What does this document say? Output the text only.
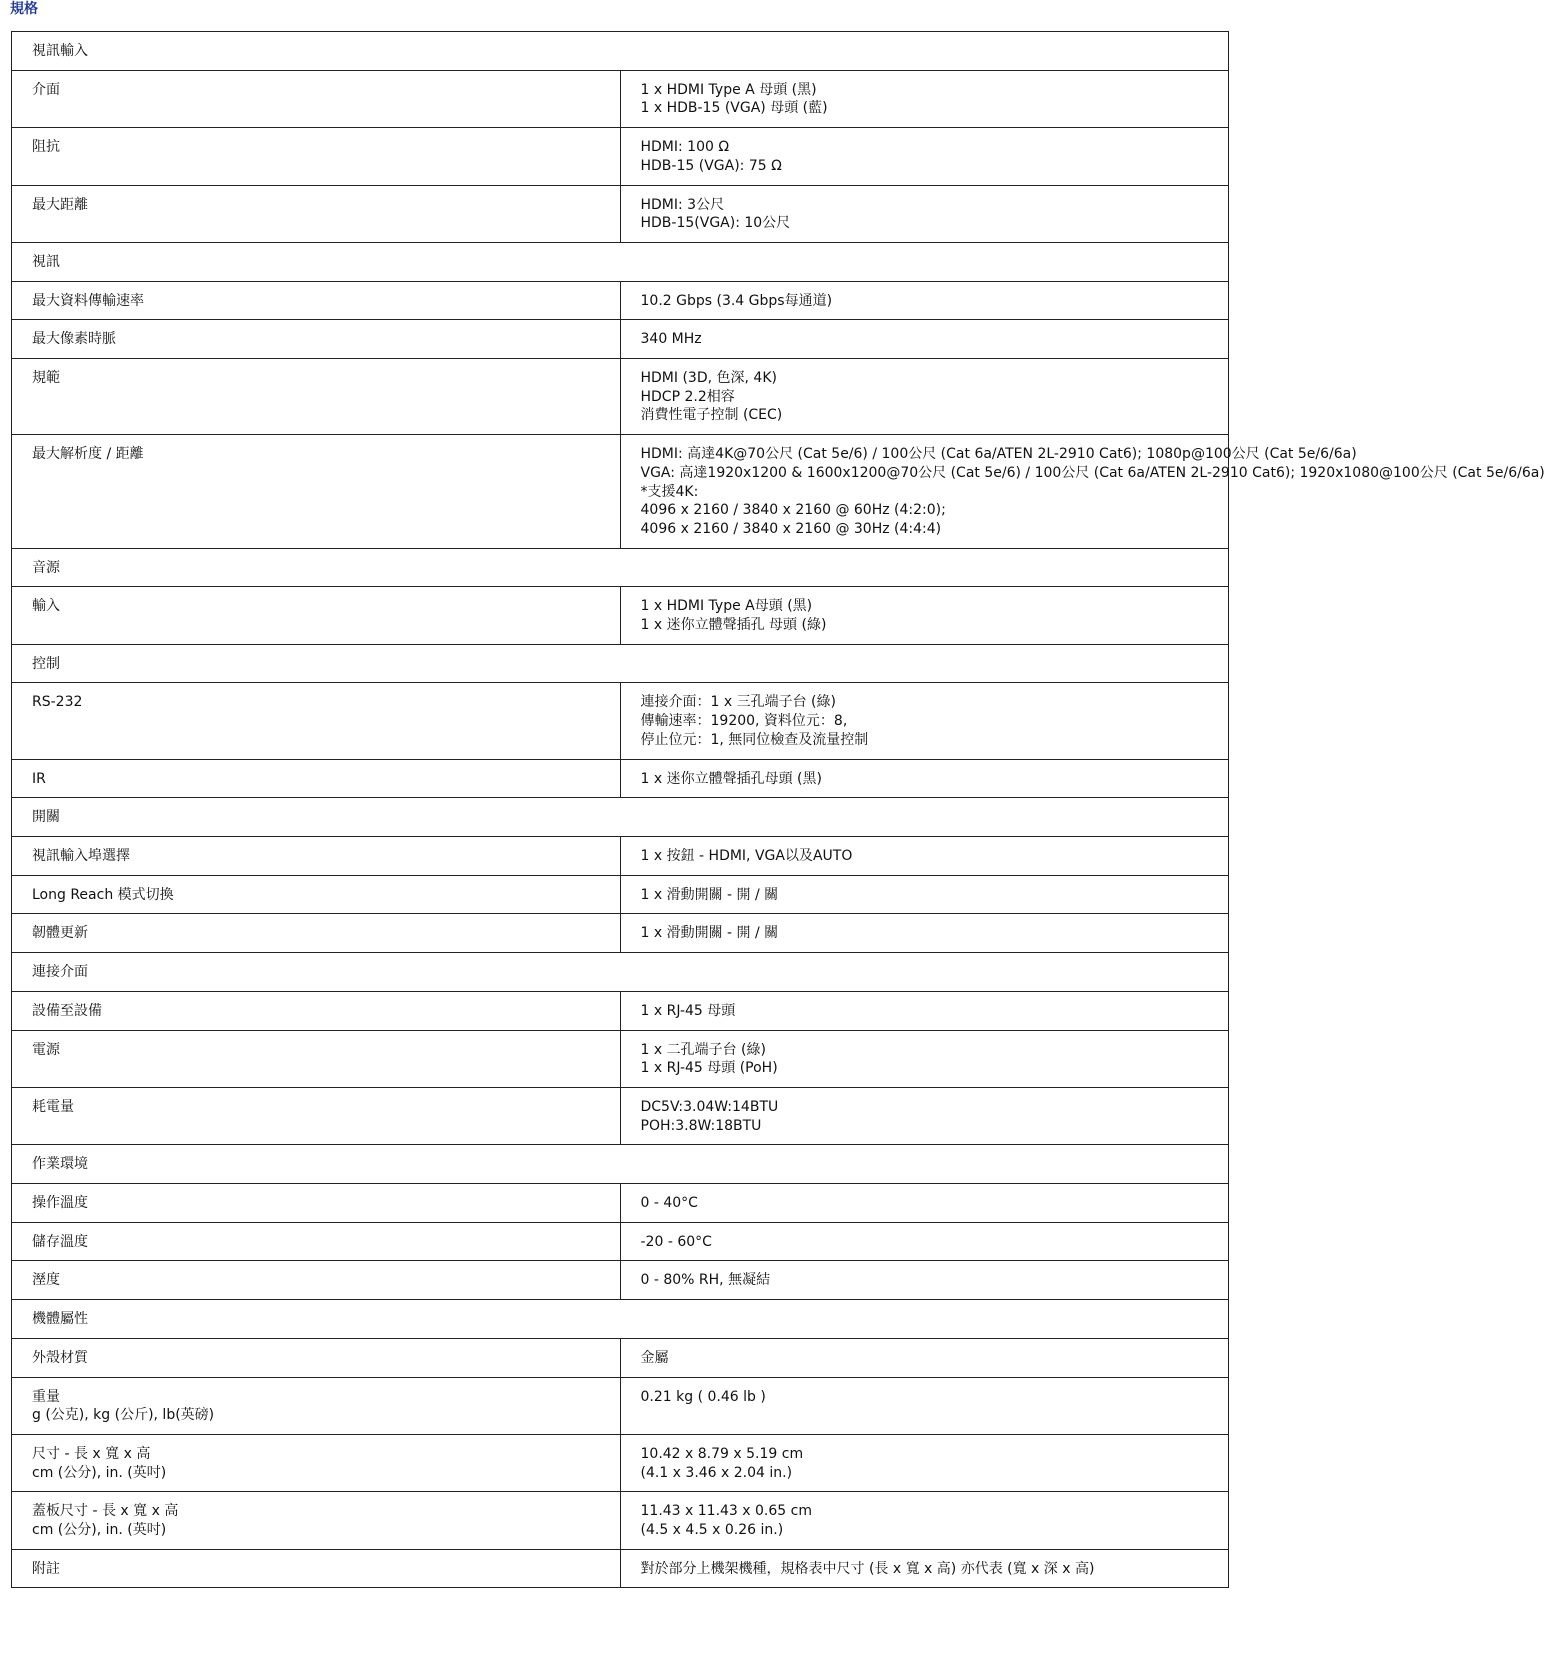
規格
視訊輸入	

介面	1 x HDMI Type A 母頭 (黑)
1 x HDB-15 (VGA) 母頭 (藍)

阻抗	HDMI: 100 Ω
HDB-15 (VGA): 75 Ω

最大距離	HDMI: 3公尺
HDB-15(VGA): 10公尺

視訊	

最大資料傳輸速率	10.2 Gbps (3.4 Gbps每通道)

最大像素時脈	340 MHz

規範	HDMI (3D, 色深, 4K)
HDCP 2.2相容
消費性電子控制 (CEC)

最大解析度 / 距離	HDMI: 高達4K@70公尺 (Cat 5e/6) / 100公尺 (Cat 6a/ATEN 2L-2910 Cat6); 1080p@100公尺 (Cat 5e/6/6a)
VGA: 高達1920x1200 & 1600x1200@70公尺 (Cat 5e/6) / 100公尺 (Cat 6a/ATEN 2L-2910 Cat6); 1920x1080@100公尺 (Cat 5e/6/6a)
*支援4K:
4096 x 2160 / 3840 x 2160 @ 60Hz (4:2:0);
4096 x 2160 / 3840 x 2160 @ 30Hz (4:4:4)

音源	

輸入	1 x HDMI Type A母頭 (黑)
1 x 迷你立體聲插孔 母頭 (綠)

控制	

RS-232	連接介面：1 x 三孔端子台 (綠)
傳輸速率：19200, 資料位元：8,
停止位元：1, 無同位檢查及流量控制

IR	1 x 迷你立體聲插孔母頭 (黑)

開關	

視訊輸入埠選擇	1 x 按鈕 - HDMI, VGA以及AUTO

Long Reach 模式切換	1 x 滑動開關 - 開 / 關

韌體更新	1 x 滑動開關 - 開 / 關

連接介面	

設備至設備	1 x RJ-45 母頭

電源	1 x 二孔端子台 (綠)
1 x RJ-45 母頭 (PoH)

耗電量	DC5V:3.04W:14BTU
POH:3.8W:18BTU

作業環境	

操作溫度	0 - 40°C

儲存溫度	-20 - 60°C

溼度	0 - 80% RH, 無凝結

機體屬性	

外殼材質	金屬

重量
g (公克), kg (公斤), lb(英磅)	0.21 kg ( 0.46 lb )

尺寸 - 長 x 寬 x 高
cm (公分), in. (英吋)	10.42 x 8.79 x 5.19 cm
(4.1 x 3.46 x 2.04 in.)

蓋板尺寸 - 長 x 寬 x 高
cm (公分), in. (英吋)	11.43 x 11.43 x 0.65 cm
(4.5 x 4.5 x 0.26 in.)

附註	對於部分上機架機種，規格表中尺寸 (長 x 寬 x 高) 亦代表 (寬 x 深 x 高)
